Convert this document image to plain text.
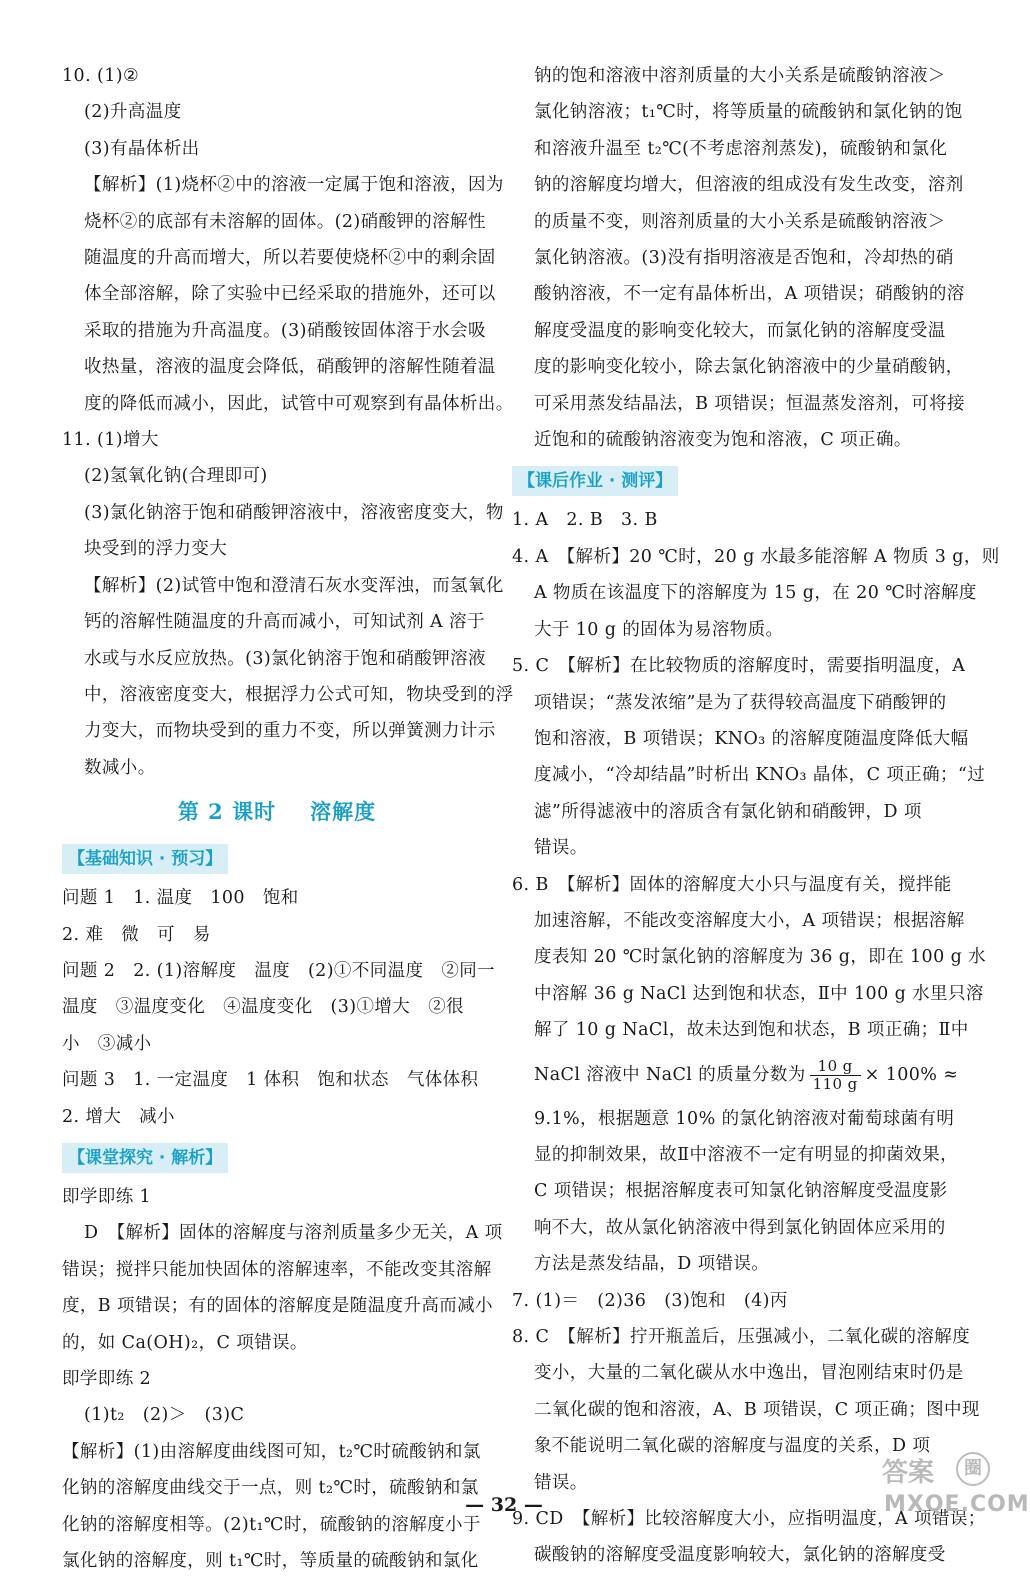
10. (1)②
(2)升高温度
(3)有晶体析出
【解析】(1)烧杯②中的溶液一定属于饱和溶液，因为
烧杯②的底部有未溶解的固体。(2)硝酸钾的溶解性
随温度的升高而增大，所以若要使烧杯②中的剩余固
体全部溶解，除了实验中已经采取的措施外，还可以
采取的措施为升高温度。(3)硝酸铵固体溶于水会吸
收热量，溶液的温度会降低，硝酸钾的溶解性随着温
度的降低而减小，因此，试管中可观察到有晶体析出。
11. (1)增大
(2)氢氧化钠(合理即可)
(3)氯化钠溶于饱和硝酸钾溶液中，溶液密度变大，物
块受到的浮力变大
【解析】(2)试管中饱和澄清石灰水变浑浊，而氢氧化
钙的溶解性随温度的升高而减小，可知试剂 A 溶于
水或与水反应放热。(3)氯化钠溶于饱和硝酸钾溶液
中，溶液密度变大，根据浮力公式可知，物块受到的浮
力变大，而物块受到的重力不变，所以弹簧测力计示
数减小。
第 2 课时 溶解度
【基础知识 · 预习】
问题 1　1. 温度　100　饱和
2. 难　微　可　易
问题 2　2. (1)溶解度　温度　(2)①不同温度　②同一
温度　③温度变化　④温度变化　(3)①增大　②很
小　③减小
问题 3　1. 一定温度　1 体积　饱和状态　气体体积
2. 增大　减小
【课堂探究 · 解析】
即学即练 1
D　【解析】固体的溶解度与溶剂质量多少无关，A 项
错误；搅拌只能加快固体的溶解速率，不能改变其溶解
度，B 项错误；有的固体的溶解度是随温度升高而减小
的，如 Ca(OH)₂，C 项错误。
即学即练 2
(1)t₂　(2)＞　(3)C
【解析】(1)由溶解度曲线图可知，t₂℃时硫酸钠和氯
化钠的溶解度曲线交于一点，则 t₂℃时，硫酸钠和氯
化钠的溶解度相等。(2)t₁℃时，硫酸钠的溶解度小于
氯化钠的溶解度，则 t₁℃时，等质量的硫酸钠和氯化
钠的饱和溶液中溶剂质量的大小关系是硫酸钠溶液＞
氯化钠溶液；t₁℃时，将等质量的硫酸钠和氯化钠的饱
和溶液升温至 t₂℃(不考虑溶剂蒸发)，硫酸钠和氯化
钠的溶解度均增大，但溶液的组成没有发生改变，溶剂
的质量不变，则溶剂质量的大小关系是硫酸钠溶液＞
氯化钠溶液。(3)没有指明溶液是否饱和，冷却热的硝
酸钠溶液，不一定有晶体析出，A 项错误；硝酸钠的溶
解度受温度的影响变化较大，而氯化钠的溶解度受温
度的影响变化较小，除去氯化钠溶液中的少量硝酸钠，
可采用蒸发结晶法，B 项错误；恒温蒸发溶剂，可将接
近饱和的硫酸钠溶液变为饱和溶液，C 项正确。
【课后作业 · 测评】
1. A　2. B　3. B
4. A　【解析】20 ℃时，20 g 水最多能溶解 A 物质 3 g，则
A 物质在该温度下的溶解度为 15 g，在 20 ℃时溶解度
大于 10 g 的固体为易溶物质。
5. C　【解析】在比较物质的溶解度时，需要指明温度，A
项错误；“蒸发浓缩”是为了获得较高温度下硝酸钾的
饱和溶液，B 项错误；KNO₃ 的溶解度随温度降低大幅
度减小，“冷却结晶”时析出 KNO₃ 晶体，C 项正确；“过
滤”所得滤液中的溶质含有氯化钠和硝酸钾，D 项
错误。
6. B　【解析】固体的溶解度大小只与温度有关，搅拌能
加速溶解，不能改变溶解度大小，A 项错误；根据溶解
度表知 20 ℃时氯化钠的溶解度为 36 g，即在 100 g 水
中溶解 36 g NaCl 达到饱和状态，Ⅱ中 100 g 水里只溶
解了 10 g NaCl，故未达到饱和状态，B 项正确；Ⅱ中
NaCl 溶液中 NaCl 的质量分数为 $\frac{10 g}{110 g} \times 100\%$ ≈
9.1%，根据题意 10% 的氯化钠溶液对葡萄球菌有明
显的抑制效果，故Ⅱ中溶液不一定有明显的抑菌效果，
C 项错误；根据溶解度表可知氯化钠溶解度受温度影
响不大，故从氯化钠溶液中得到氯化钠固体应采用的
方法是蒸发结晶，D 项错误。
7. (1)＝　(2)36　(3)饱和　(4)丙
8. C　【解析】拧开瓶盖后，压强减小，二氧化碳的溶解度
变小，大量的二氧化碳从水中逸出，冒泡刚结束时仍是
二氧化碳的饱和溶液，A、B 项错误，C 项正确；图中现
象不能说明二氧化碳的溶解度与温度的关系，D 项
错误。
9. CD　【解析】比较溶解度大小，应指明温度，A 项错误；
碳酸钠的溶解度受温度影响较大，氯化钠的溶解度受
— 32 —
答案	圈
MXQE.COM
